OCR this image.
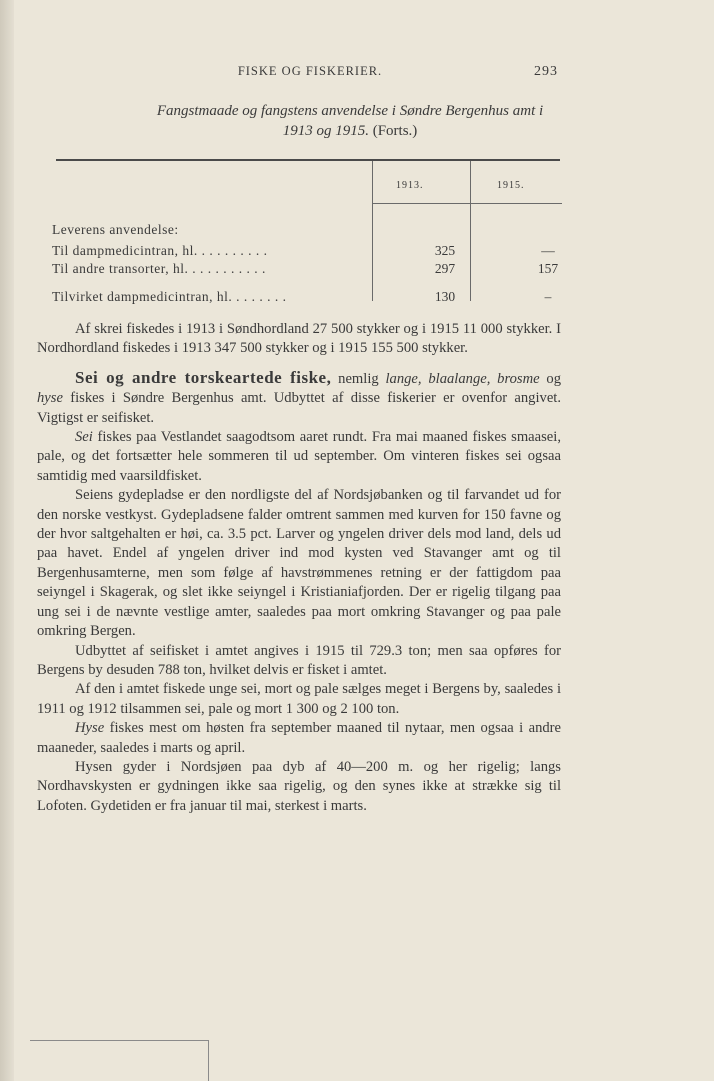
FISKE OG FISKERIER.	293
Fangstmaade og fangstens anvendelse i Søndre Bergenhus amt i
1913 og 1915. (Forts.)
1913.	1915.
Leverens anvendelse:
Til dampmedicintran, hl. . . . . . . . . .	325	—
Til andre transorter, hl. . . . . . . . . . .	297	157
Tilvirket dampmedicintran, hl. . . . . . . .	130	–

Af skrei fiskedes i 1913 i Søndhordland 27 500 stykker og i 1915 11 000 stykker. I Nordhordland fiskedes i 1913 347 500 stykker og i 1915 155 500 stykker.

Sei og andre torskeartede fiske, nemlig lange, blaalange, brosme og hyse fiskes i Søndre Bergenhus amt. Udbyttet af disse fiskerier er ovenfor angivet. Vigtigst er seifisket.

Sei fiskes paa Vestlandet saagodtsom aaret rundt. Fra mai maaned fiskes smaasei, pale, og det fortsætter hele sommeren til ud september. Om vinteren fiskes sei ogsaa samtidig med vaarsildfisket.

Seiens gydepladse er den nordligste del af Nordsjøbanken og til farvandet ud for den norske vestkyst. Gydepladsene falder omtrent sammen med kurven for 150 favne og der hvor saltgehalten er høi, ca. 3.5 pct. Larver og yngelen driver dels mod land, dels ud paa havet. Endel af yngelen driver ind mod kysten ved Stavanger amt og til Bergenhusamterne, men som følge af havstrømmenes retning er der fattigdom paa seiyngel i Skagerak, og slet ikke seiyngel i Kristianiafjorden. Der er rigelig tilgang paa ung sei i de nævnte vestlige amter, saaledes paa mort omkring Stavanger og paa pale omkring Bergen.

Udbyttet af seifisket i amtet angives i 1915 til 729.3 ton; men saa opføres for Bergens by desuden 788 ton, hvilket delvis er fisket i amtet.

Af den i amtet fiskede unge sei, mort og pale sælges meget i Bergens by, saaledes i 1911 og 1912 tilsammen sei, pale og mort 1 300 og 2 100 ton.

Hyse fiskes mest om høsten fra september maaned til nytaar, men ogsaa i andre maaneder, saaledes i marts og april.

Hysen gyder i Nordsjøen paa dyb af 40—200 m. og her rigelig; langs Nordhavskysten er gydningen ikke saa rigelig, og den synes ikke at strække sig til Lofoten. Gydetiden er fra januar til mai, sterkest i marts.
